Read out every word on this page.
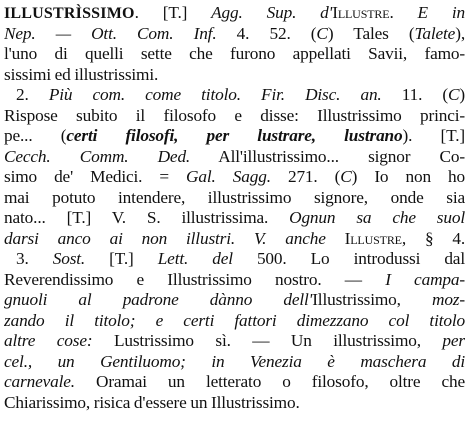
ILLUSTRÌSSIMO. [T.] Agg. Sup. d'Illustre. E in
Nep. — Ott. Com. Inf. 4. 52. (C) Tales (Talete),
l'uno di quelli sette che furono appellati Savii, famo-
sissimi ed illustrissimi.
2. Più com. come titolo. Fir. Disc. an. 11. (C)
Rispose subito il filosofo e disse: Illustrissimo princi-
pe... (certi filosofi, per lustrare, lustrano). [T.]
Cecch. Comm. Ded. All'illustrissimo... signor Co-
simo de' Medici. = Gal. Sagg. 271. (C) Io non ho
mai potuto intendere, illustrissimo signore, onde sia
nato... [T.] V. S. illustrissima. Ognun sa che suol
darsi anco ai non illustri. V. anche Illustre, § 4.
3. Sost. [T.] Lett. del 500. Lo introdussi dal
Reverendissimo e Illustrissimo nostro. — I campa-
gnuoli al padrone dànno dell'Illustrissimo, moz-
zando il titolo; e certi fattori dimezzano col titolo
altre cose: Lustrissimo sì. — Un illustrissimo, per
cel., un Gentiluomo; in Venezia è maschera di
carnevale. Oramai un letterato o filosofo, oltre che
Chiarissimo, risica d'essere un Illustrissimo.
